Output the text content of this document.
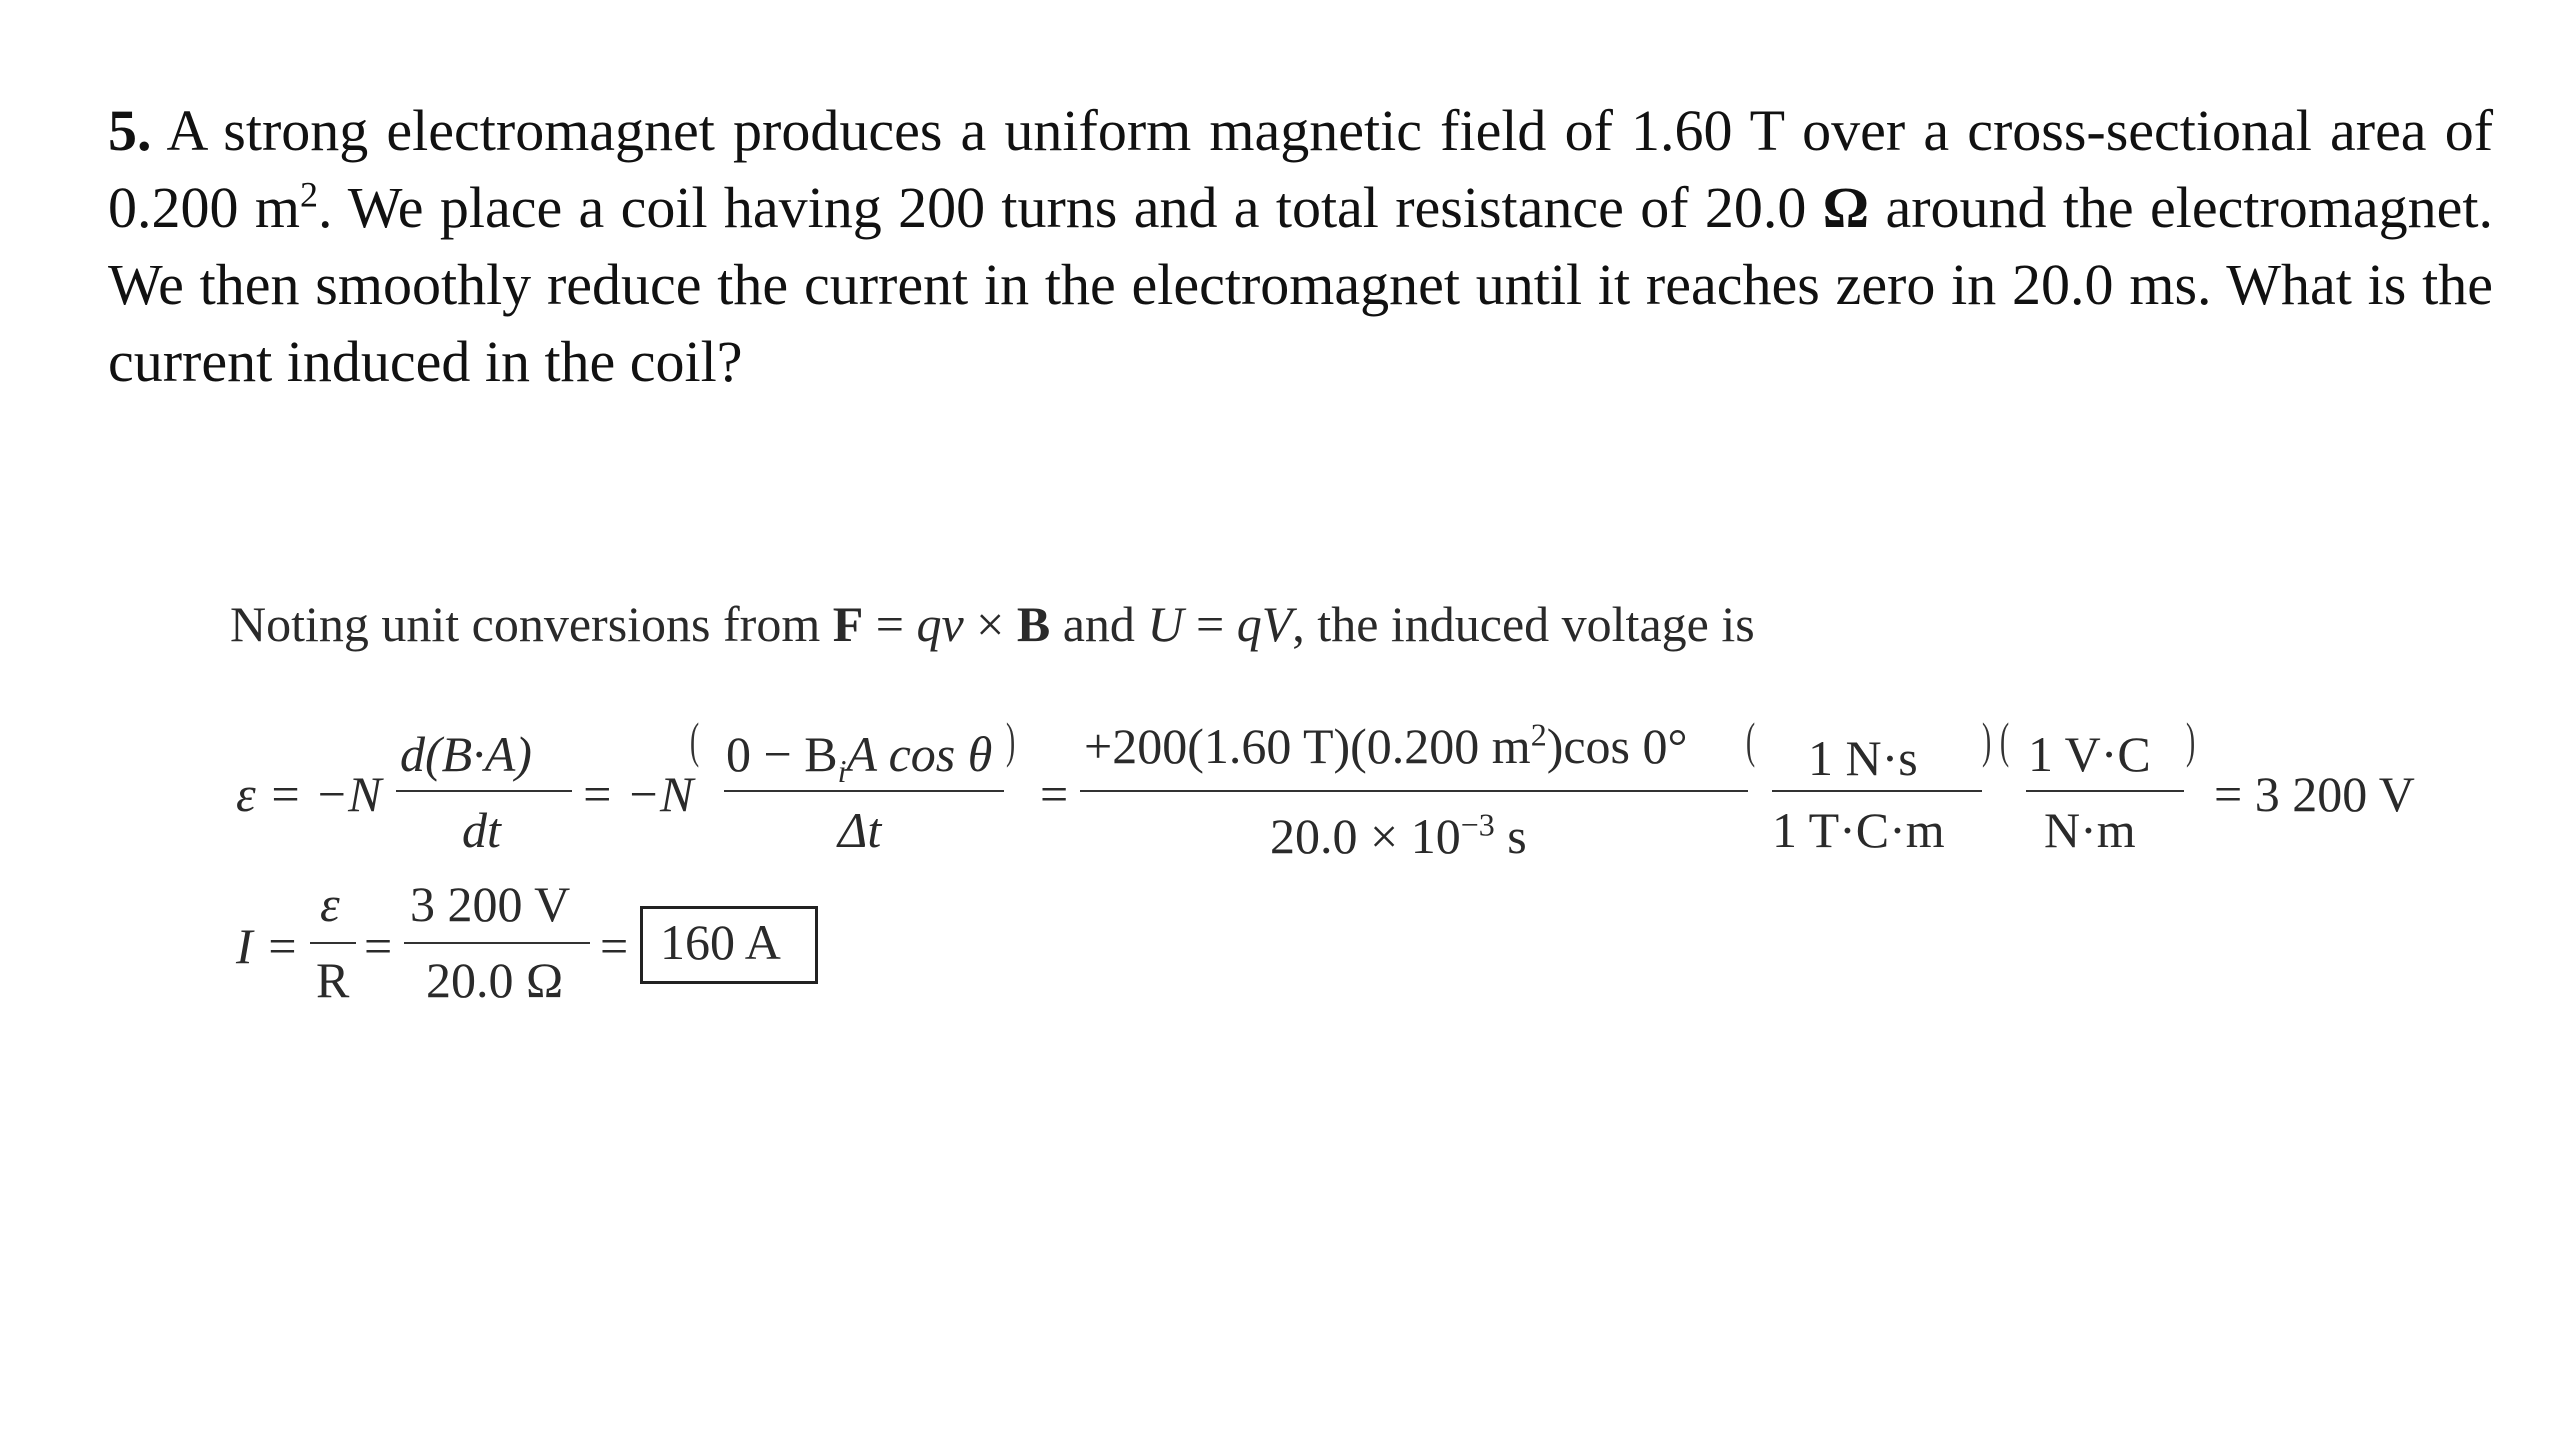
5. A strong electromagnet produces a uniform magnetic field of 1.60 T over a cross-sectional area of 0.200 $m^2$. We place a coil having 200 turns and a total resistance of 20.0 Ω around the electromagnet. We then smoothly reduce the current in the electromagnet until it reaches zero in 20.0 ms. What is the current induced in the coil?
Noting unit conversions from F = qv × B and U = qV, the induced voltage is
ε = −N
d(B·A)
dt
= −N
( $0 - B_iA$ cos θ
Δt
)
=
+200(1.60 T)(0.200 $m^2)\cos$ 0°
$20.0 \times 10^{-3}$ s
( 1 N·s
1 T·C·m
) ( 1 V·C
N·m
)
= 3 200 V
I =
ε
R
=
3 200 V
20.0 Ω
= 160 A
